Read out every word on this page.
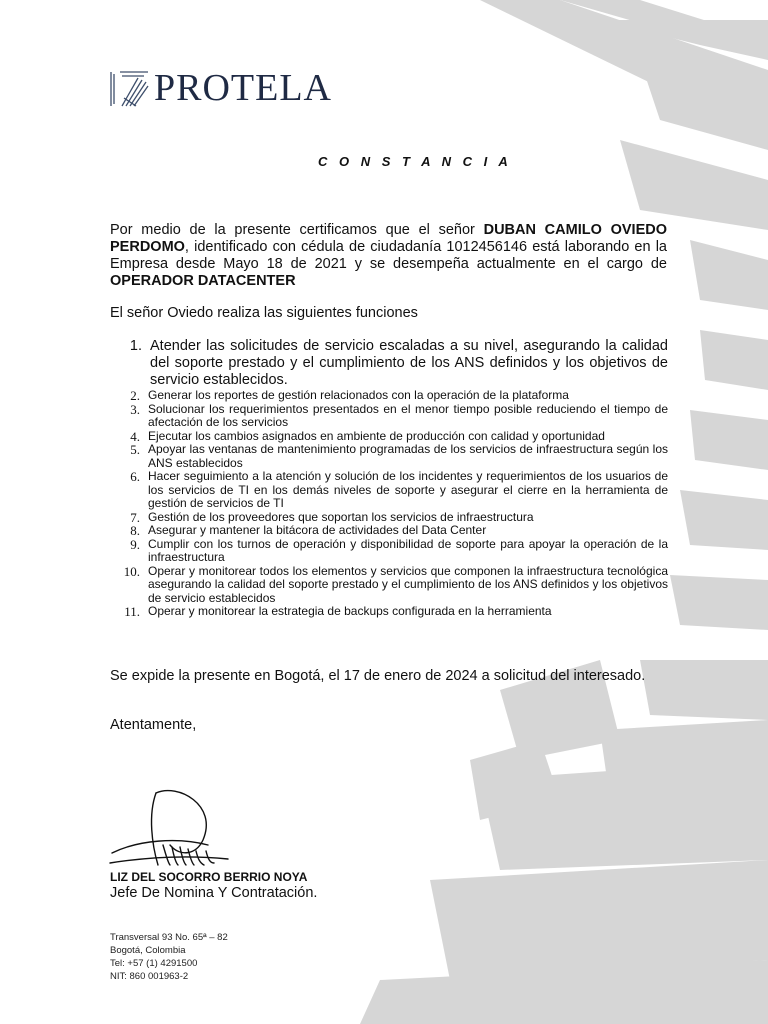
PROTELA
C O N S T A N C I A
Por medio de la presente certificamos que el señor DUBAN CAMILO OVIEDO PERDOMO, identificado con cédula de ciudadanía 1012456146 está laborando en la Empresa desde Mayo 18 de 2021 y se desempeña actualmente en el cargo de OPERADOR DATACENTER
El señor Oviedo realiza las siguientes funciones
1. Atender las solicitudes de servicio escaladas a su nivel, asegurando la calidad del soporte prestado y el cumplimiento de los ANS definidos y los objetivos de servicio establecidos.
2. Generar los reportes de gestión relacionados con la operación de la plataforma
3. Solucionar los requerimientos presentados en el menor tiempo posible reduciendo el tiempo de afectación de los servicios
4. Ejecutar los cambios asignados en ambiente de producción con calidad y oportunidad
5. Apoyar las ventanas de mantenimiento programadas de los servicios de infraestructura según los ANS establecidos
6. Hacer seguimiento a la atención y solución de los incidentes y requerimientos de los usuarios de los servicios de TI en los demás niveles de soporte y asegurar el cierre en la herramienta de gestión de servicios de TI
7. Gestión de los proveedores que soportan los servicios de infraestructura
8. Asegurar y mantener la bitácora de actividades del Data Center
9. Cumplir con los turnos de operación y disponibilidad de soporte para apoyar la operación de la infraestructura
10. Operar y monitorear todos los elementos y servicios que componen la infraestructura tecnológica asegurando la calidad del soporte prestado y el cumplimiento de los ANS definidos y los objetivos de servicio establecidos
11. Operar y monitorear la estrategia de backups configurada en la herramienta
Se expide la presente en Bogotá, el 17 de enero de 2024 a solicitud del interesado.
Atentamente,
LIZ DEL SOCORRO BERRIO NOYA
Jefe De Nomina Y Contratación.
Transversal 93 No. 65ª – 82
Bogotá, Colombia
Tel: +57 (1) 4291500
NIT: 860 001963-2
